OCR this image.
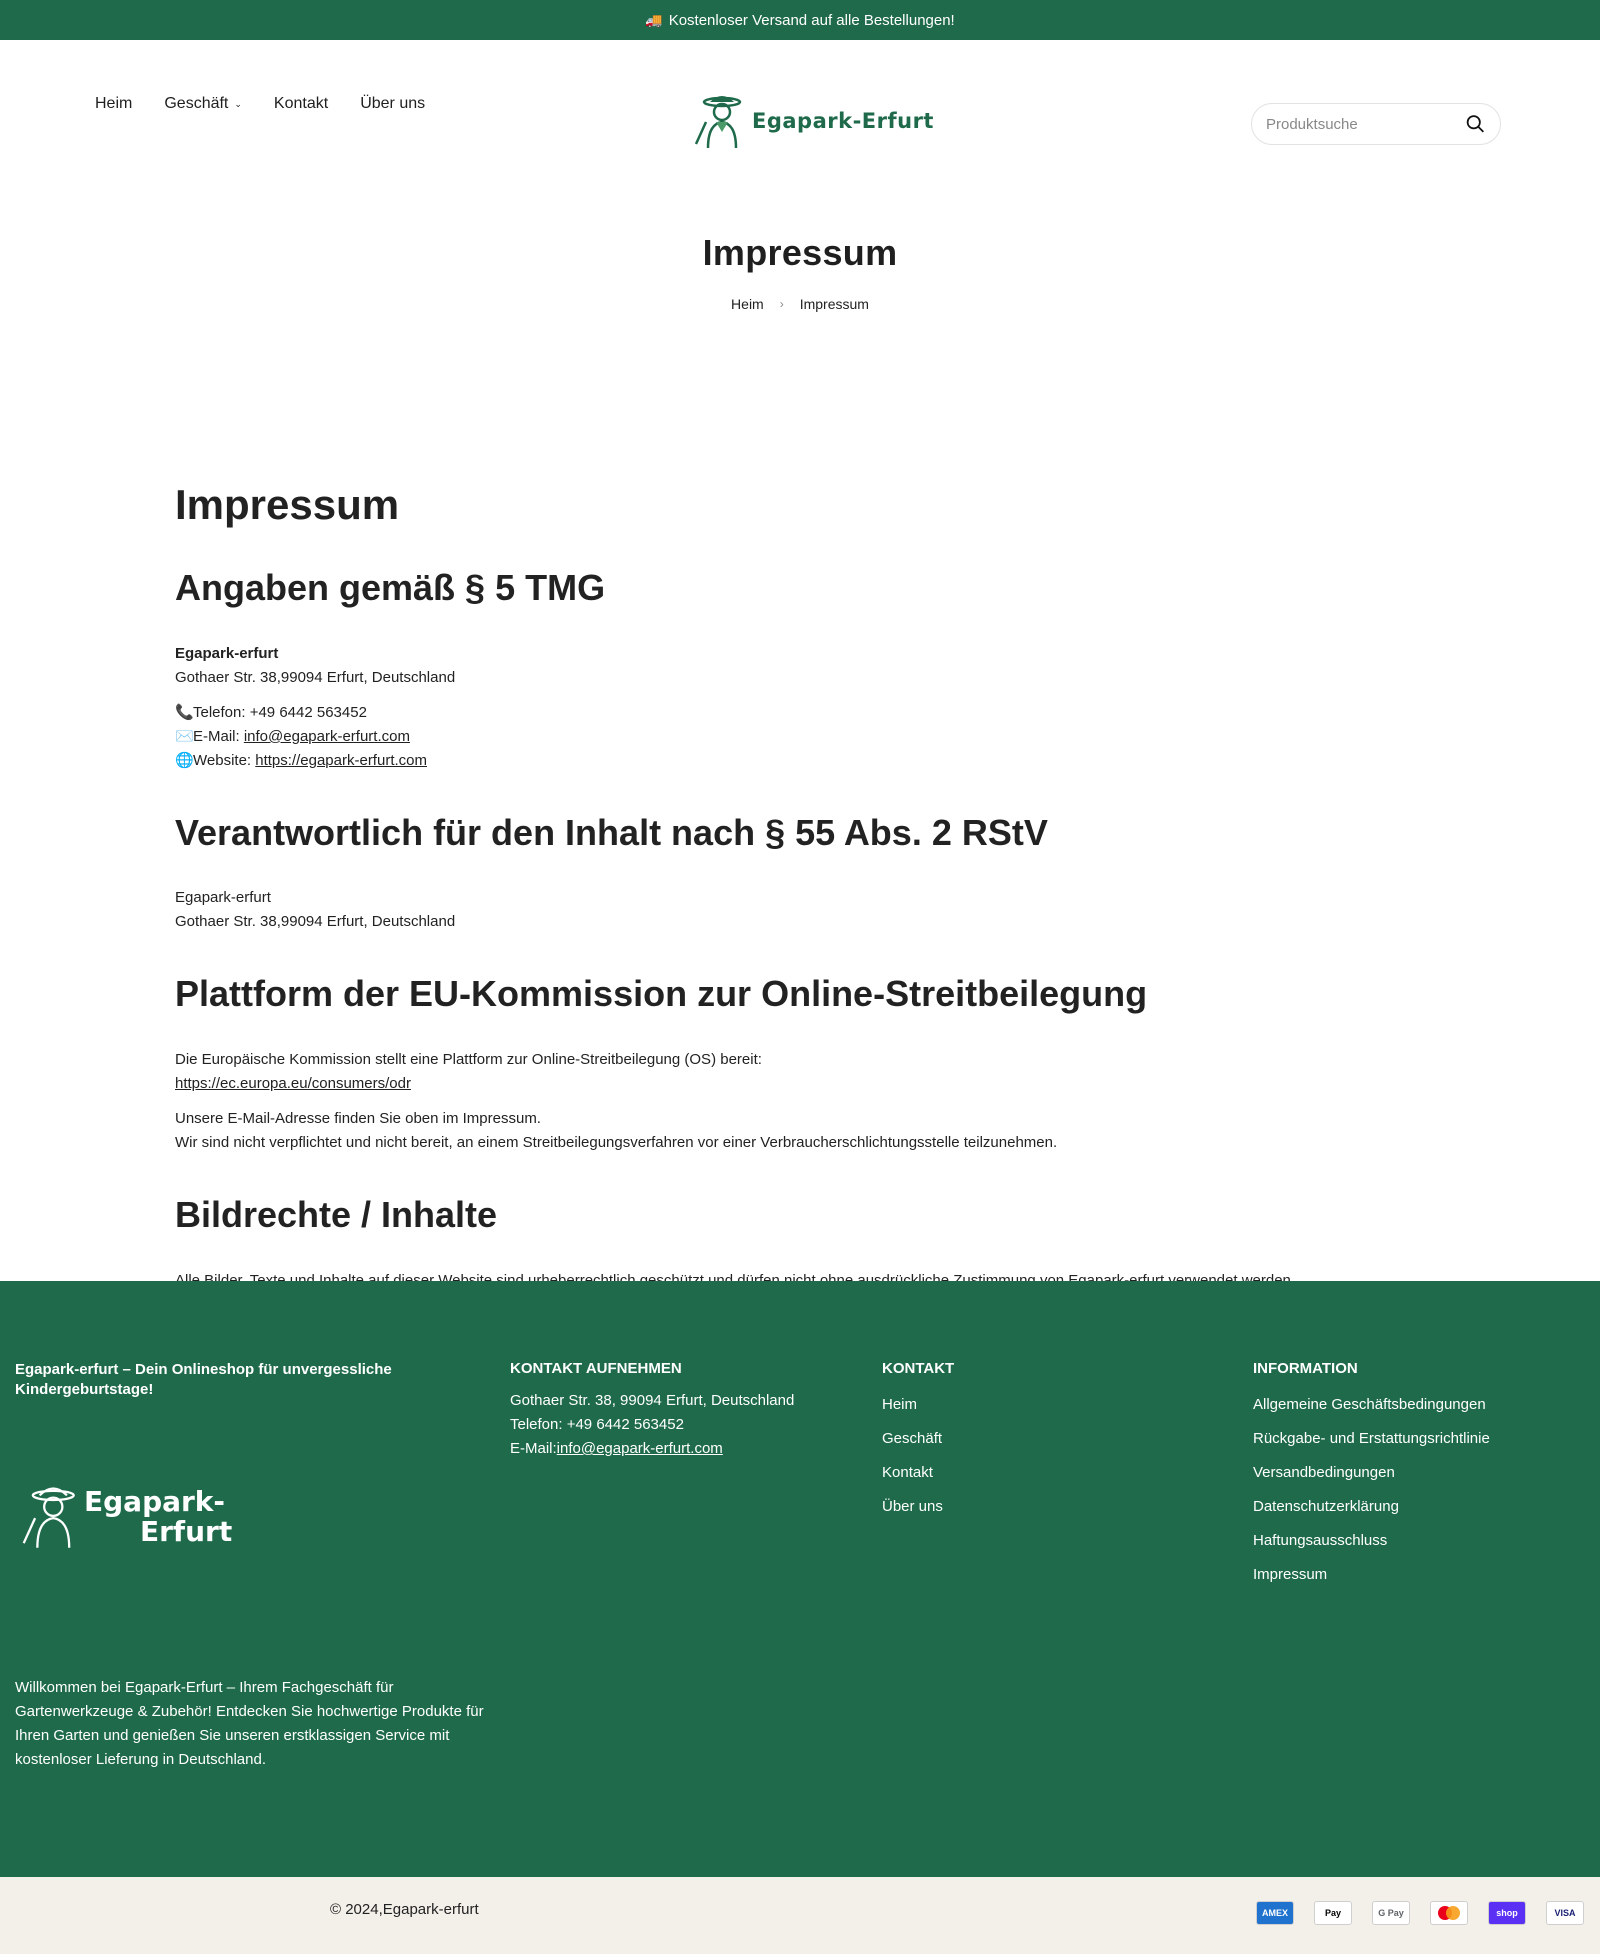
🚚 Kostenloser Versand auf alle Bestellungen!
Heim Geschäft ⌄ Kontakt Über uns
Egapark-Erfurt
Produktsuche
Impressum
Heim › Impressum
Impressum
Angaben gemäß § 5 TMG

Egapark-erfurt
Gothaer Str. 38,99094 Erfurt, Deutschland

📞Telefon: +49 6442 563452
✉️E-Mail: info@egapark-erfurt.com
🌐Website: https://egapark-erfurt.com

Verantwortlich für den Inhalt nach § 55 Abs. 2 RStV

Egapark-erfurt
Gothaer Str. 38,99094 Erfurt, Deutschland

Plattform der EU-Kommission zur Online-Streitbeilegung

Die Europäische Kommission stellt eine Plattform zur Online-Streitbeilegung (OS) bereit:
https://ec.europa.eu/consumers/odr

Unsere E-Mail-Adresse finden Sie oben im Impressum.
Wir sind nicht verpflichtet und nicht bereit, an einem Streitbeilegungsverfahren vor einer Verbraucherschlichtungsstelle teilzunehmen.

Bildrechte / Inhalte

Egapark-erfurt – Dein Onlineshop für unvergessliche Kindergeburtstage!

Egapark-
Erfurt

Willkommen bei Egapark-Erfurt – Ihrem Fachgeschäft für Gartenwerkzeuge & Zubehör! Entdecken Sie hochwertige Produkte für Ihren Garten und genießen Sie unseren erstklassigen Service mit kostenloser Lieferung in Deutschland.

KONTAKT AUFNEHMEN
Gothaer Str. 38, 99094 Erfurt, Deutschland
Telefon: +49 6442 563452
E-Mail:info@egapark-erfurt.com
KONTAKT
Heim
Geschäft
Kontakt
Über uns
INFORMATION
Allgemeine Geschäftsbedingungen
Rückgabe- und Erstattungsrichtlinie
Versandbedingungen
Datenschutzerklärung
Haftungsausschluss
Impressum
© 2024,Egapark-erfurt	AMEX	Pay	G Pay	shop	VISA
